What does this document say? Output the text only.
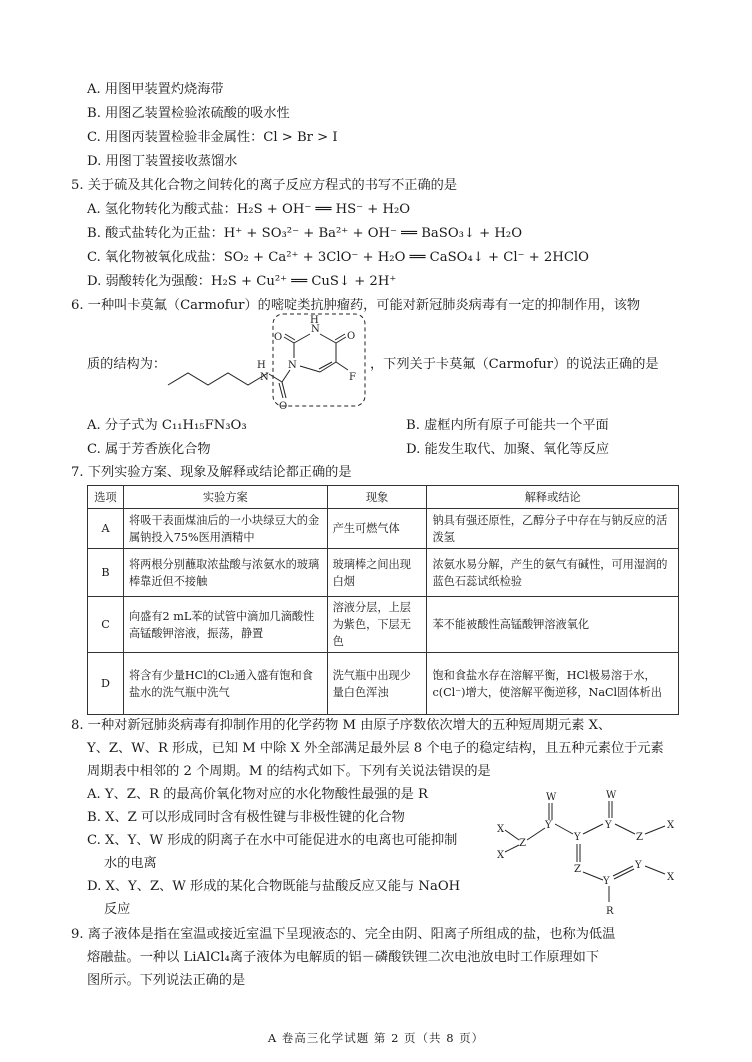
A. 用图甲装置灼烧海带
B. 用图乙装置检验浓硫酸的吸水性
C. 用图丙装置检验非金属性：Cl > Br > I
D. 用图丁装置接收蒸馏水
5. 关于硫及其化合物之间转化的离子反应方程式的书写不正确的是
A. 氢化物转化为酸式盐：H₂S + OH⁻ ══ HS⁻ + H₂O
B. 酸式盐转化为正盐：H⁺ + SO₃²⁻ + Ba²⁺ + OH⁻ ══ BaSO₃↓ + H₂O
C. 氧化物被氧化成盐：SO₂ + Ca²⁺ + 3ClO⁻ + H₂O ══ CaSO₄↓ + Cl⁻ + 2HClO
D. 弱酸转化为强酸：H₂S + Cu²⁺ ══ CuS↓ + 2H⁺
6. 一种叫卡莫氟（Carmofur）的嘧啶类抗肿瘤药，可能对新冠肺炎病毒有一定的抑制作用，该物
质的结构为：	，下列关于卡莫氟（Carmofur）的说法正确的是
H
N
O
N
N
H
O	O
F
A. 分子式为 C₁₁H₁₅FN₃O₃	B. 虚框内所有原子可能共一个平面
C. 属于芳香族化合物	D. 能发生取代、加聚、氧化等反应
7. 下列实验方案、现象及解释或结论都正确的是
选项	实验方案	现象	解释或结论
A	将吸干表面煤油后的一小块绿豆大的金属钠投入75%医用酒精中	产生可燃气体	钠具有强还原性，乙醇分子中存在与钠反应的活泼氢
B	将两根分别蘸取浓盐酸与浓氨水的玻璃棒靠近但不接触	玻璃棒之间出现白烟	浓氨水易分解，产生的氨气有碱性，可用湿润的蓝色石蕊试纸检验
C	向盛有2 mL苯的试管中滴加几滴酸性高锰酸钾溶液，振荡，静置	溶液分层，上层为紫色，下层无色	苯不能被酸性高锰酸钾溶液氧化
D	将含有少量HCl的Cl₂通入盛有饱和食盐水的洗气瓶中洗气	洗气瓶中出现少量白色浑浊	饱和食盐水存在溶解平衡，HCl极易溶于水，c(Cl⁻)增大，使溶解平衡逆移，NaCl固体析出
8. 一种对新冠肺炎病毒有抑制作用的化学药物 M 由原子序数依次增大的五种短周期元素 X、
Y、Z、W、R 形成，已知 M 中除 X 外全部满足最外层 8 个电子的稳定结构，且五种元素位于元素
周期表中相邻的 2 个周期。M 的结构式如下。下列有关说法错误的是
A. Y、Z、R 的最高价氧化物对应的水化物酸性最强的是 R
B. X、Z 可以形成同时含有极性键与非极性键的化合物
C. X、Y、W 形成的阴离子在水中可能促进水的电离也可能抑制
水的电离
D. X、Y、Z、W 形成的某化合物既能与盐酸反应又能与 NaOH
反应
X
Z
X
Y
W
Y
Y
W
Z
X
Z
Y
R
Y
X
9. 离子液体是指在室温或接近室温下呈现液态的、完全由阴、阳离子所组成的盐，也称为低温
熔融盐。一种以 LiAlCl₄离子液体为电解质的铝－磷酸铁锂二次电池放电时工作原理如下
图所示。下列说法正确的是
A 卷高三化学试题 第 2 页（共 8 页）
